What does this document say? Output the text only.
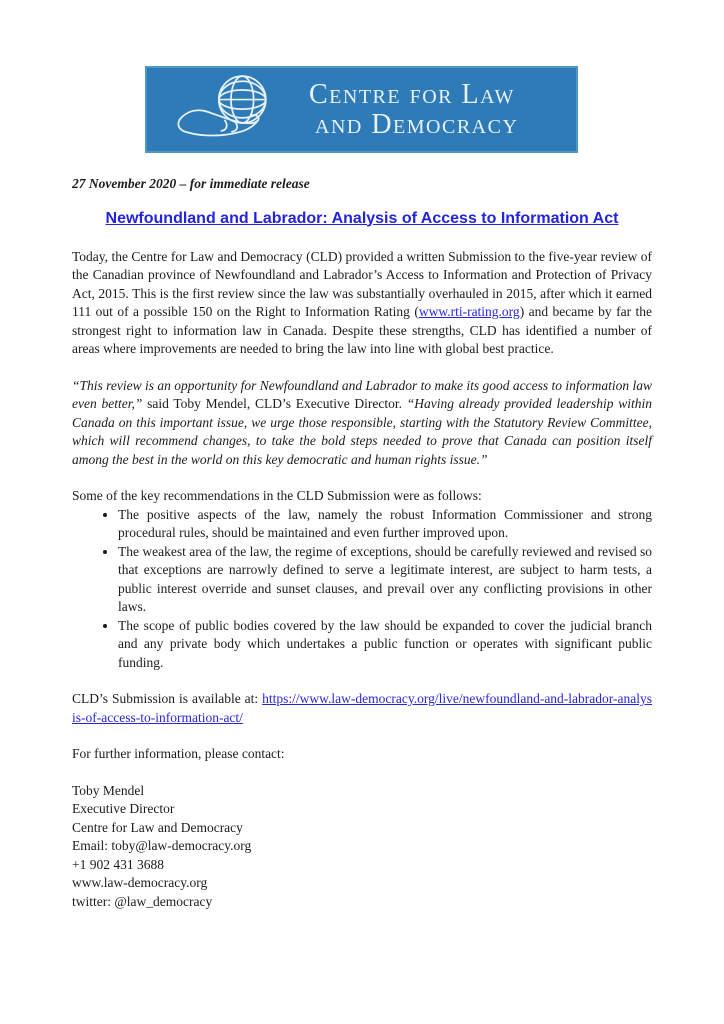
Centre for Law
and Democracy

27 November 2020 – for immediate release

Newfoundland and Labrador: Analysis of Access to Information Act

Today, the Centre for Law and Democracy (CLD) provided a written Submission to the five-year review of the Canadian province of Newfoundland and Labrador’s Access to Information and Protection of Privacy Act, 2015. This is the first review since the law was substantially overhauled in 2015, after which it earned 111 out of a possible 150 on the Right to Information Rating (www.rti-rating.org) and became by far the strongest right to information law in Canada. Despite these strengths, CLD has identified a number of areas where improvements are needed to bring the law into line with global best practice.

“This review is an opportunity for Newfoundland and Labrador to make its good access to information law even better,” said Toby Mendel, CLD’s Executive Director. “Having already provided leadership within Canada on this important issue, we urge those responsible, starting with the Statutory Review Committee, which will recommend changes, to take the bold steps needed to prove that Canada can position itself among the best in the world on this key democratic and human rights issue.”

Some of the key recommendations in the CLD Submission were as follows:

• The positive aspects of the law, namely the robust Information Commissioner and strong procedural rules, should be maintained and even further improved upon.
• The weakest area of the law, the regime of exceptions, should be carefully reviewed and revised so that exceptions are narrowly defined to serve a legitimate interest, are subject to harm tests, a public interest override and sunset clauses, and prevail over any conflicting provisions in other laws.
• The scope of public bodies covered by the law should be expanded to cover the judicial branch and any private body which undertakes a public function or operates with significant public funding.

CLD’s Submission is available at: https://www.law-democracy.org/live/newfoundland-and-labrador-analysis-of-access-to-information-act/

For further information, please contact:

Toby Mendel
Executive Director
Centre for Law and Democracy
Email: toby@law-democracy.org
+1 902 431 3688
www.law-democracy.org
twitter: @law_democracy
